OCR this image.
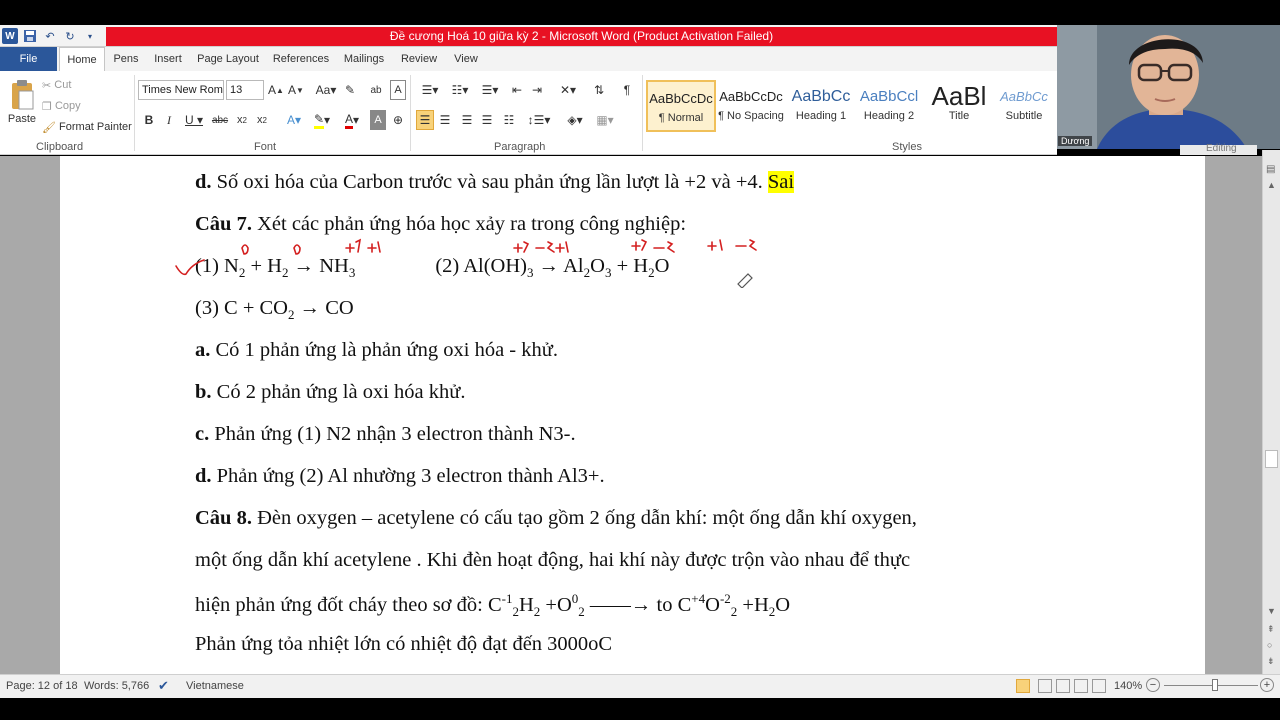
W	↶ ↻	▾	Đề cương Hoá 10 giữa kỳ 2 - Microsoft Word (Product Activation Failed)
File	Home	Pens	Insert	Page Layout	References	Mailings	Review	View
Paste
✂
Cut
❐
Copy
🖌
Format Painter
Clipboard
Times New Rom 13	A ▲ A ▼ Aa▾ ✎ ab	A
B	I	U ▾ abc x 2 x 2	A▾	✎ ▾	A ▾	A ⊕
Font
☰▾	☷▾	☰▾	⇤ ⇥	✕▾	⇅	¶
☰ ☰ ☰ ☰ ☷	↕☰▾	◈▾	▦▾
Paragraph
AaBbCcDc
¶ Normal
AaBbCcDc
¶ No Spacing
AaBbCc
Heading 1
AaBbCcl
Heading 2
AaBl
Title
AaBbCc
Subtitle
Styles	Dương
Editing
d. Số oxi hóa của Carbon trước và sau phản ứng lần lượt là +2 và +4. Sai
Câu 7. Xét các phản ứng hóa học xảy ra trong công nghiệp:
(1) $N_2 + H_2 \to NH_3$	(2) $Al(OH)_3 \to Al_2O_3 + H_2O$
(3) $C + CO_2$ → CO
a. Có 1 phản ứng là phản ứng oxi hóa - khử.
b. Có 2 phản ứng là oxi hóa khử.
c. Phản ứng (1) N2 nhận 3 electron thành N3-.
d. Phản ứng (2) Al nhường 3 electron thành Al3+.
Câu 8. Đèn oxygen – acetylene có cấu tạo gồm 2 ống dẫn khí: một ống dẫn khí oxygen,
một ống dẫn khí acetylene . Khi đèn hoạt động, hai khí này được trộn vào nhau để thực
hiện phản ứng đốt cháy theo sơ đồ: $C^{-1}_2H_2 +O^0_2$ ——→ to $C^{+4}O^{-2}_2 +H_2O$
Phản ứng tỏa nhiệt lớn có nhiệt độ đạt đến 3000oC
▤
▲
▼
⇞
○
⇟
Page: 12 of 18 Words: 5,766 ✔ Vietnamese	140% −	+
